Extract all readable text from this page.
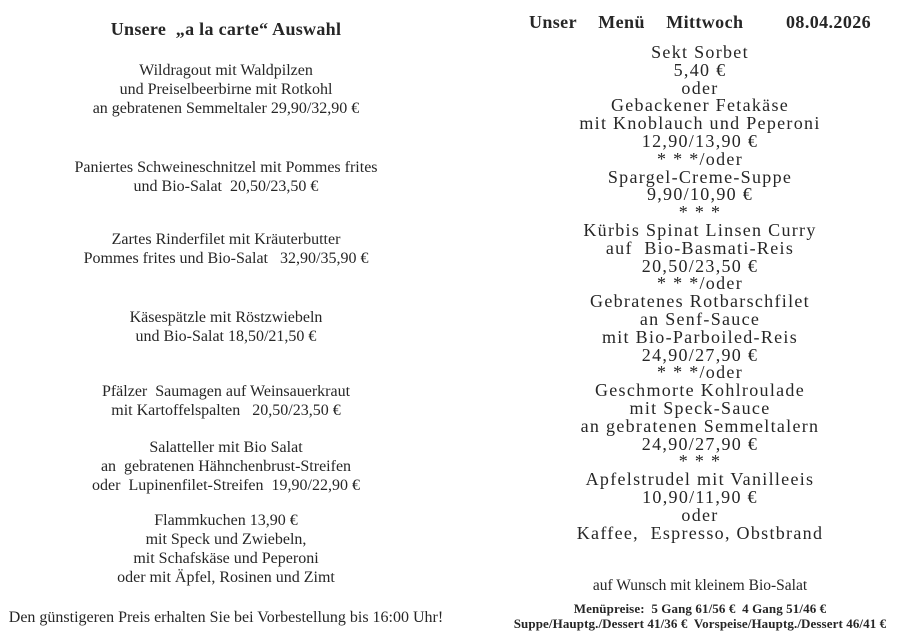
Unsere  „a la carte“ Auswahl
Wildragout mit Waldpilzen
und Preiselbeerbirne mit Rotkohl
an gebratenen Semmeltaler 29,90/32,90 €
Paniertes Schweineschnitzel mit Pommes frites
und Bio-Salat  20,50/23,50 €
Zartes Rinderfilet mit Kräuterbutter
Pommes frites und Bio-Salat   32,90/35,90 €
Käsespätzle mit Röstzwiebeln
und Bio-Salat 18,50/21,50 €
Pfälzer  Saumagen auf Weinsauerkraut
mit Kartoffelspalten   20,50/23,50 €
Salatteller mit Bio Salat
an  gebratenen Hähnchenbrust-Streifen
oder  Lupinenfilet-Streifen  19,90/22,90 €
Flammkuchen 13,90 €
mit Speck und Zwiebeln,
mit Schafskäse und Peperoni
oder mit Äpfel, Rosinen und Zimt
Den günstigeren Preis erhalten Sie bei Vorbestellung bis 16:00 Uhr!
Unser  Menü  Mittwoch    08.04.2026
Sekt Sorbet
5,40 €
oder
Gebackener Fetakäse
mit Knoblauch und Peperoni
12,90/13,90 €
* * */oder
Spargel-Creme-Suppe
9,90/10,90 €
* * *
Kürbis Spinat Linsen Curry
auf  Bio-Basmati-Reis
20,50/23,50 €
* * */oder
Gebratenes Rotbarschfilet
an Senf-Sauce
mit Bio-Parboiled-Reis
24,90/27,90 €
* * */oder
Geschmorte Kohlroulade
mit Speck-Sauce
an gebratenen Semmeltalern
24,90/27,90 €
* * *
Apfelstrudel mit Vanilleeis
10,90/11,90 €
oder
Kaffee,  Espresso, Obstbrand
auf Wunsch mit kleinem Bio-Salat
Menüpreise:  5 Gang 61/56 €  4 Gang 51/46 €
Suppe/Hauptg./Dessert 41/36 €  Vorspeise/Hauptg./Dessert 46/41 €
